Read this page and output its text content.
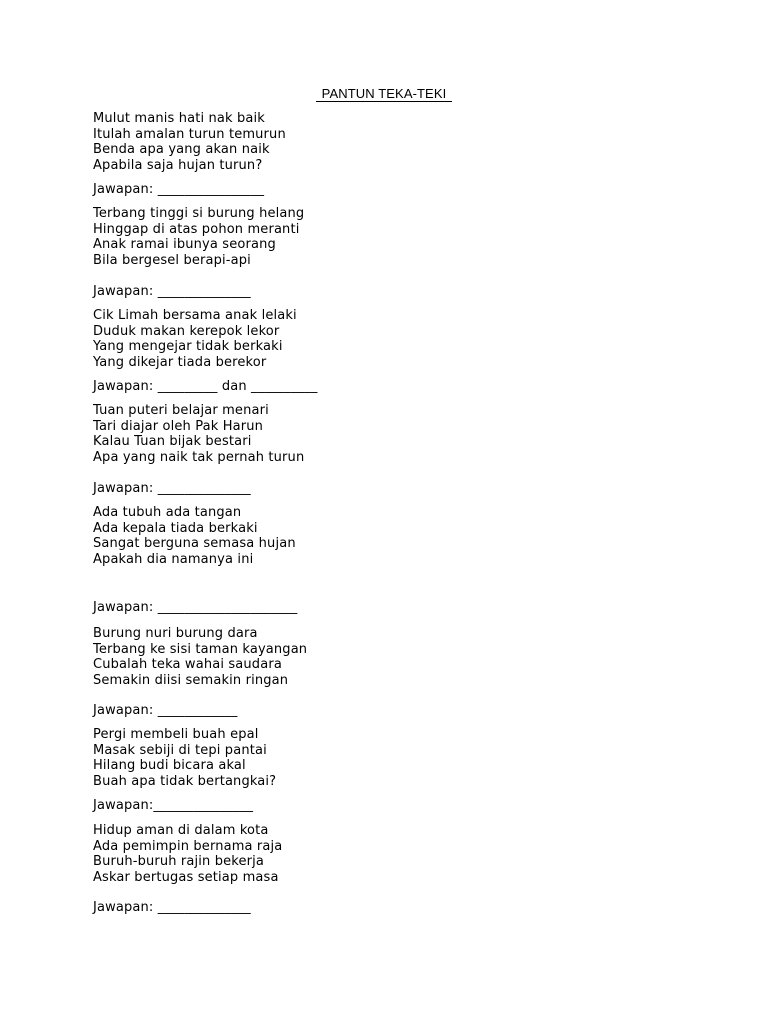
PANTUN TEKA-TEKI
Mulut manis hati nak baik
Itulah amalan turun temurun
Benda apa yang akan naik
Apabila saja hujan turun?
Jawapan: ________________
Terbang tinggi si burung helang
Hinggap di atas pohon meranti
Anak ramai ibunya seorang
Bila bergesel berapi-api
Jawapan: ______________
Cik Limah bersama anak lelaki
Duduk makan kerepok lekor
Yang mengejar tidak berkaki
Yang dikejar tiada berekor
Jawapan: _________ dan __________
Tuan puteri belajar menari
Tari diajar oleh Pak Harun
Kalau Tuan bijak bestari
Apa yang naik tak pernah turun
Jawapan: ______________
Ada tubuh ada tangan
Ada kepala tiada berkaki
Sangat berguna semasa hujan
Apakah dia namanya ini
Jawapan: _____________________
Burung nuri burung dara
Terbang ke sisi taman kayangan
Cubalah teka wahai saudara
Semakin diisi semakin ringan
Jawapan: ____________
Pergi membeli buah epal
Masak sebiji di tepi pantai
Hilang budi bicara akal
Buah apa tidak bertangkai?
Jawapan:_______________
Hidup aman di dalam kota
Ada pemimpin bernama raja
Buruh-buruh rajin bekerja
Askar bertugas setiap masa
Jawapan: ______________
